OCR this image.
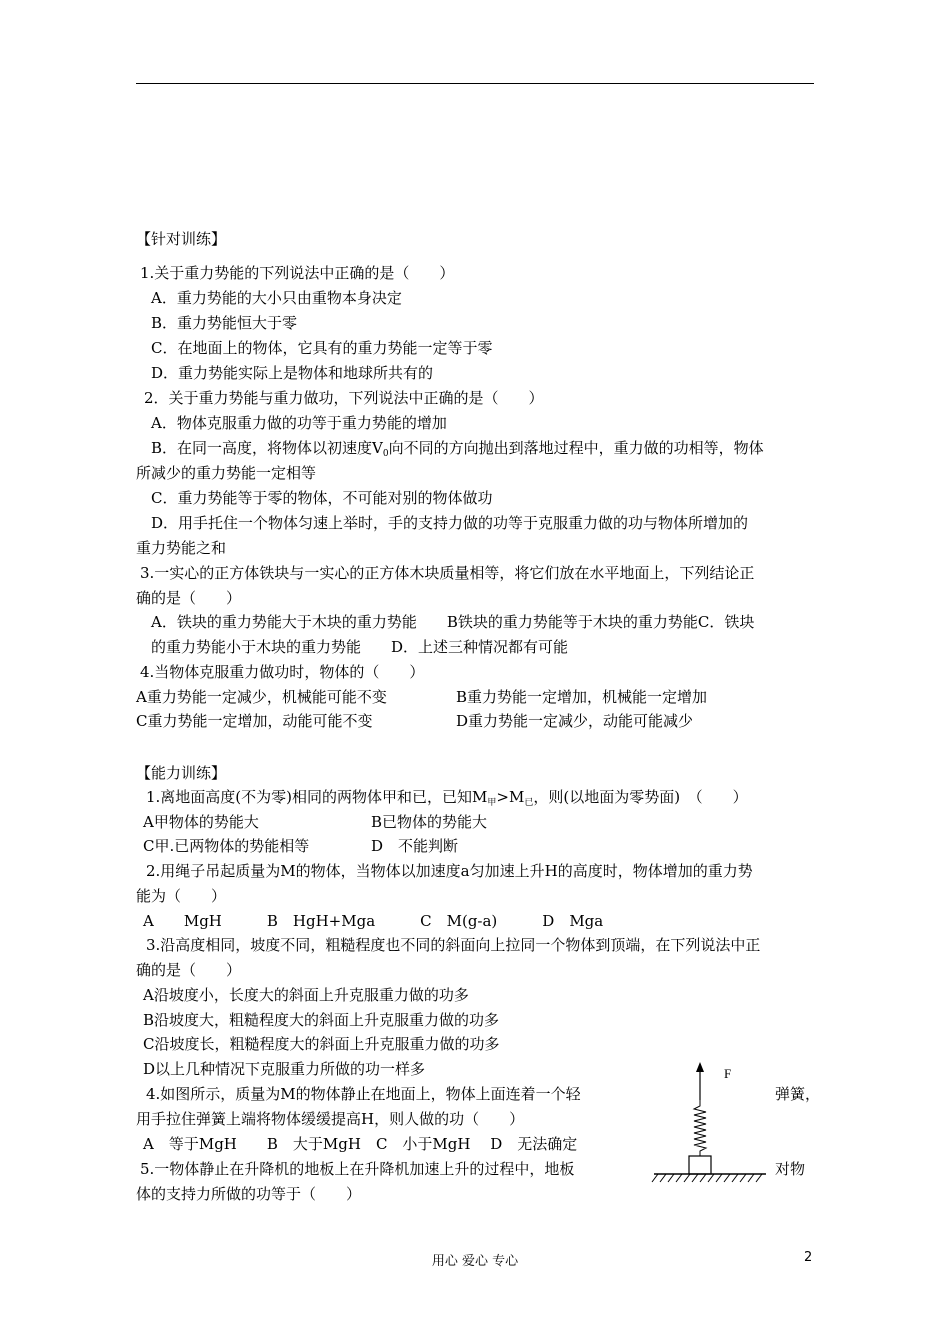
【针对训练】
1.关于重力势能的下列说法中正确的是（　　）
A．重力势能的大小只由重物本身决定
B．重力势能恒大于零
C．在地面上的物体，它具有的重力势能一定等于零
D．重力势能实际上是物体和地球所共有的
2．关于重力势能与重力做功，下列说法中正确的是（　　）
A．物体克服重力做的功等于重力势能的增加
B．在同一高度，将物体以初速度$V_0$向不同的方向抛出到落地过程中，重力做的功相等，物体
所减少的重力势能一定相等
C．重力势能等于零的物体，不可能对别的物体做功
D．用手托住一个物体匀速上举时，手的支持力做的功等于克服重力做的功与物体所增加的
重力势能之和
3.一实心的正方体铁块与一实心的正方体木块质量相等，将它们放在水平地面上，下列结论正
确的是（　　）
A．铁块的重力势能大于木块的重力势能　　B铁块的重力势能等于木块的重力势能C．铁块
的重力势能小于木块的重力势能　　D．上述三种情况都有可能
4.当物体克服重力做功时，物体的（　　）
A重力势能一定减少，机械能可能不变	B重力势能一定增加，机械能一定增加
C重力势能一定增加，动能可能不变	D重力势能一定减少，动能可能减少
【能力训练】
1.离地面高度(不为零)相同的两物体甲和已，已知$M_甲>M_已$，则(以地面为零势面)　（　　）
A甲物体的势能大	B已物体的势能大
C甲.已两物体的势能相等	D　不能判断
2.用绳子吊起质量为M的物体，当物体以加速度a匀加速上升H的高度时，物体增加的重力势
能为（　　）
A　　MgH　　　B　HgH+Mga　　　C　M(g-a)　　　D　Mga
3.沿高度相同，坡度不同，粗糙程度也不同的斜面向上拉同一个物体到顶端，在下列说法中正
确的是（　　）
A沿坡度小，长度大的斜面上升克服重力做的功多
B沿坡度大，粗糙程度大的斜面上升克服重力做的功多
C沿坡度长，粗糙程度大的斜面上升克服重力做的功多
D以上几种情况下克服重力所做的功一样多
4.如图所示，质量为M的物体静止在地面上，物体上面连着一个轻	弹簧，
用手拉住弹簧上端将物体缓缓提高H，则人做的功（　　）
A　等于MgH　　B　大于MgH　C　小于MgH　 D　无法确定
5.一物体静止在升降机的地板上在升降机加速上升的过程中，地板	对物
体的支持力所做的功等于（　　）
F
用心 爱心 专心	2
